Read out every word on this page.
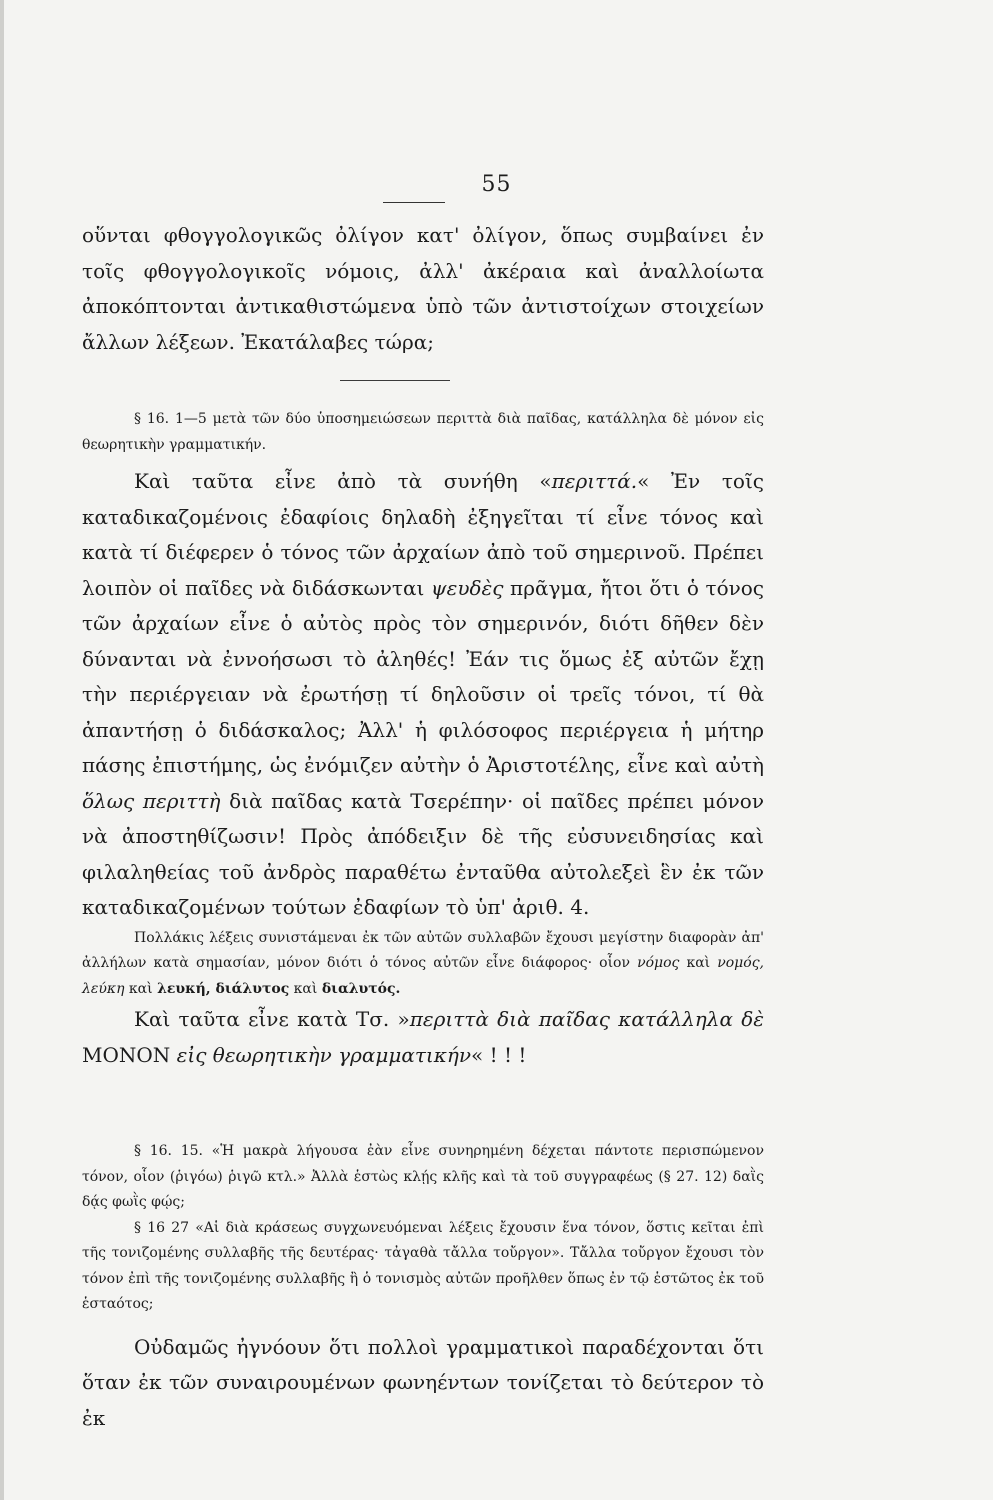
55

οὕνται φθογγολογικῶς ὀλίγον κατ' ὀλίγον, ὅπως συμβαίνει ἐν τοῖς φθογγολογικοῖς νόμοις, ἀλλ' ἀκέραια καὶ ἀναλλοίωτα ἀποκόπτονται ἀντικαθιστώμενα ὑπὸ τῶν ἀντιστοίχων στοιχείων ἄλλων λέξεων. Ἐκατάλαβες τώρα;

§ 16. 1—5 μετὰ τῶν δύο ὑποσημειώσεων περιττὰ διὰ παῖδας, κατάλληλα δὲ μόνον εἰς θεωρητικὴν γραμματικήν.

Καὶ ταῦτα εἶνε ἀπὸ τὰ συνήθη «περιττά.« Ἐν τοῖς καταδικαζομένοις ἐδαφίοις δηλαδὴ ἐξηγεῖται τί εἶνε τόνος καὶ κατὰ τί διέφερεν ὁ τόνος τῶν ἀρχαίων ἀπὸ τοῦ σημερινοῦ. Πρέπει λοιπὸν οἱ παῖδες νὰ διδάσκωνται ψευδὲς πρᾶγμα, ἤτοι ὅτι ὁ τόνος τῶν ἀρχαίων εἶνε ὁ αὐτὸς πρὸς τὸν σημερινόν, διότι δῆθεν δὲν δύνανται νὰ ἐννοήσωσι τὸ ἀληθές! Ἐάν τις ὅμως ἐξ αὐτῶν ἔχῃ τὴν περιέργειαν νὰ ἐρωτήσῃ τί δηλοῦσιν οἱ τρεῖς τόνοι, τί θὰ ἀπαντήσῃ ὁ διδάσκαλος; Ἀλλ' ἡ φιλόσοφος περιέργεια ἡ μήτηρ πάσης ἐπιστήμης, ὡς ἐνόμιζεν αὐτὴν ὁ Ἀριστοτέλης, εἶνε καὶ αὐτὴ ὅλως περιττὴ διὰ παῖδας κατὰ Τσερέπην· οἱ παῖδες πρέπει μόνον νὰ ἀποστηθίζωσιν! Πρὸς ἀπόδειξιν δὲ τῆς εὐσυνειδησίας καὶ φιλαληθείας τοῦ ἀνδρὸς παραθέτω ἐνταῦθα αὐτολεξεὶ ἓν ἐκ τῶν καταδικαζομένων τούτων ἐδαφίων τὸ ὑπ' ἀριθ. 4.

Πολλάκις λέξεις συνιστάμεναι ἐκ τῶν αὐτῶν συλλαβῶν ἔχουσι μεγίστην διαφορὰν ἀπ' ἀλλήλων κατὰ σημασίαν, μόνον διότι ὁ τόνος αὐτῶν εἶνε διάφορος· οἷον νόμος καὶ νομός, λεύκη καὶ λευκή, διάλυτος καὶ διαλυτός.

Καὶ ταῦτα εἶνε κατὰ Τσ. »περιττὰ διὰ παῖδας κατάλληλα δὲ ΜΟΝΟΝ εἰς θεωρητικὴν γραμματικήν« ! ! !

§ 16. 15. «Ἡ μακρὰ λήγουσα ἐὰν εἶνε συνηρημένη δέχεται πάντοτε περισπώμενον τόνον, οἷον (ῥιγόω) ῥιγῶ κτλ.» Ἀλλὰ ἑστὼς κλῄς κλῆς καὶ τὰ τοῦ συγγραφέως (§ 27. 12) δαῒς δᾴς φωῒς φῴς;

§ 16 27 «Αἱ διὰ κράσεως συγχωνευόμεναι λέξεις ἔχουσιν ἕνα τόνον, ὅστις κεῖται ἐπὶ τῆς τονιζομένης συλλαβῆς τῆς δευτέρας· τἀγαθὰ τἄλλα τοὔργον». Τἄλλα τοὔργον ἔχουσι τὸν τόνον ἐπὶ τῆς τονιζομένης συλλαβῆς ἢ ὁ τονισμὸς αὐτῶν προῆλθεν ὅπως ἐν τῷ ἑστῶτος ἐκ τοῦ ἑσταότος;

Οὐδαμῶς ἠγνόουν ὅτι πολλοὶ γραμματικοὶ παραδέχονται ὅτι ὅταν ἐκ τῶν συναιρουμένων φωνηέντων τονίζεται τὸ δεύτερον τὸ ἐκ
